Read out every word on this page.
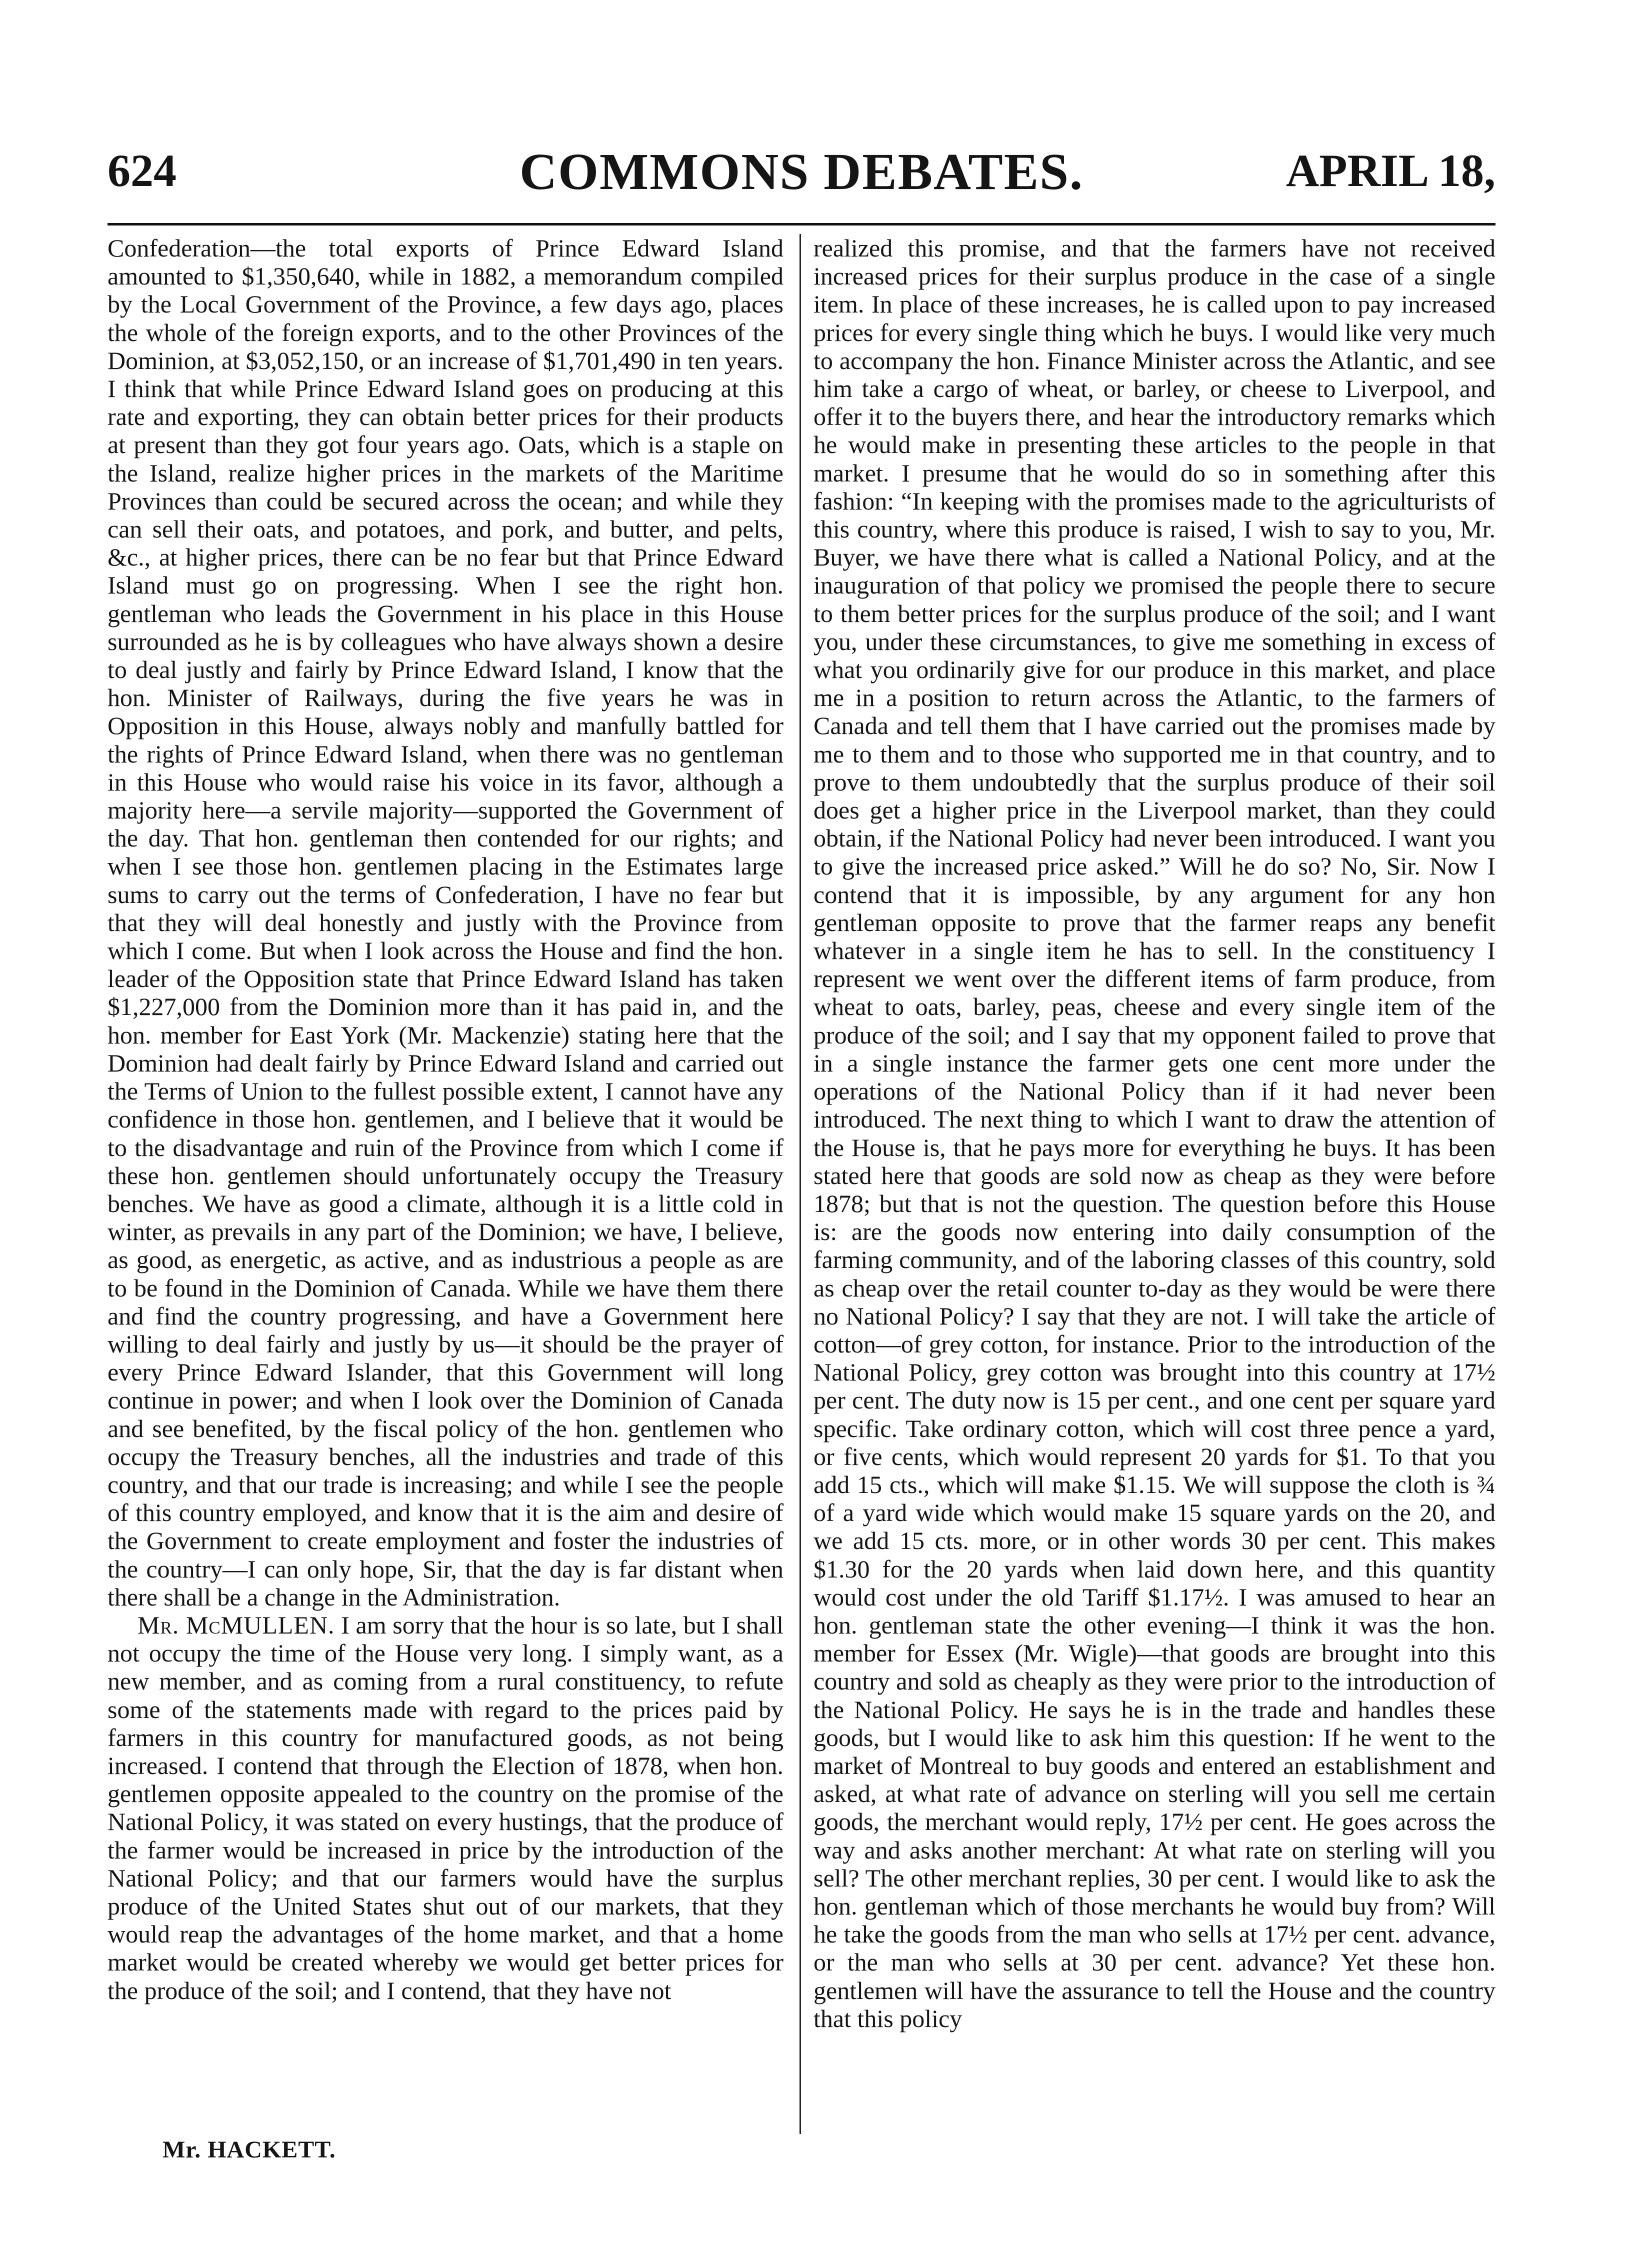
624	COMMONS DEBATES.	APRIL 18,

Confederation—the total exports of Prince Edward Island amounted to $1,350,640, while in 1882, a memorandum compiled by the Local Government of the Province, a few days ago, places the whole of the foreign exports, and to the other Provinces of the Dominion, at $3,052,150, or an increase of $1,701,490 in ten years. I think that while Prince Edward Island goes on producing at this rate and exporting, they can obtain better prices for their products at present than they got four years ago. Oats, which is a staple on the Island, realize higher prices in the markets of the Maritime Provinces than could be secured across the ocean; and while they can sell their oats, and potatoes, and pork, and butter, and pelts, &c., at higher prices, there can be no fear but that Prince Edward Island must go on progressing. When I see the right hon. gentleman who leads the Government in his place in this House surrounded as he is by colleagues who have always shown a desire to deal justly and fairly by Prince Edward Island, I know that the hon. Minister of Railways, during the five years he was in Opposition in this House, always nobly and manfully battled for the rights of Prince Edward Island, when there was no gentleman in this House who would raise his voice in its favor, although a majority here—a servile majority—supported the Government of the day. That hon. gentleman then contended for our rights; and when I see those hon. gentlemen placing in the Estimates large sums to carry out the terms of Confederation, I have no fear but that they will deal honestly and justly with the Province from which I come. But when I look across the House and find the hon. leader of the Opposition state that Prince Edward Island has taken $1,227,000 from the Dominion more than it has paid in, and the hon. member for East York (Mr. Mackenzie) stating here that the Dominion had dealt fairly by Prince Edward Island and carried out the Terms of Union to the fullest possible extent, I cannot have any confidence in those hon. gentlemen, and I believe that it would be to the disadvantage and ruin of the Province from which I come if these hon. gentlemen should unfortunately occupy the Treasury benches. We have as good a climate, although it is a little cold in winter, as prevails in any part of the Dominion; we have, I believe, as good, as energetic, as active, and as industrious a people as are to be found in the Dominion of Canada. While we have them there and find the country progressing, and have a Government here willing to deal fairly and justly by us—it should be the prayer of every Prince Edward Islander, that this Government will long continue in power; and when I look over the Dominion of Canada and see benefited, by the fiscal policy of the hon. gentlemen who occupy the Treasury benches, all the industries and trade of this country, and that our trade is increasing; and while I see the people of this country employed, and know that it is the aim and desire of the Government to create employment and foster the industries of the country—I can only hope, Sir, that the day is far distant when there shall be a change in the Administration.

Mr. McMULLEN. I am sorry that the hour is so late, but I shall not occupy the time of the House very long. I simply want, as a new member, and as coming from a rural constituency, to refute some of the statements made with regard to the prices paid by farmers in this country for manufactured goods, as not being increased. I contend that through the Election of 1878, when hon. gentlemen opposite appealed to the country on the promise of the National Policy, it was stated on every hustings, that the produce of the farmer would be increased in price by the introduction of the National Policy; and that our farmers would have the surplus produce of the United States shut out of our markets, that they would reap the advantages of the home market, and that a home market would be created whereby we would get better prices for the produce of the soil; and I contend, that they have not

realized this promise, and that the farmers have not received increased prices for their surplus produce in the case of a single item. In place of these increases, he is called upon to pay increased prices for every single thing which he buys. I would like very much to accompany the hon. Finance Minister across the Atlantic, and see him take a cargo of wheat, or barley, or cheese to Liverpool, and offer it to the buyers there, and hear the introductory remarks which he would make in presenting these articles to the people in that market. I presume that he would do so in something after this fashion: “In keeping with the promises made to the agriculturists of this country, where this produce is raised, I wish to say to you, Mr. Buyer, we have there what is called a National Policy, and at the inauguration of that policy we promised the people there to secure to them better prices for the surplus produce of the soil; and I want you, under these circumstances, to give me something in excess of what you ordinarily give for our produce in this market, and place me in a position to return across the Atlantic, to the farmers of Canada and tell them that I have carried out the promises made by me to them and to those who supported me in that country, and to prove to them undoubtedly that the surplus produce of their soil does get a higher price in the Liverpool market, than they could obtain, if the National Policy had never been introduced. I want you to give the increased price asked.” Will he do so? No, Sir. Now I contend that it is impossible, by any argument for any hon gentleman opposite to prove that the farmer reaps any benefit whatever in a single item he has to sell. In the constituency I represent we went over the different items of farm produce, from wheat to oats, barley, peas, cheese and every single item of the produce of the soil; and I say that my opponent failed to prove that in a single instance the farmer gets one cent more under the operations of the National Policy than if it had never been introduced. The next thing to which I want to draw the attention of the House is, that he pays more for everything he buys. It has been stated here that goods are sold now as cheap as they were before 1878; but that is not the question. The question before this House is: are the goods now entering into daily consumption of the farming community, and of the laboring classes of this country, sold as cheap over the retail counter to-day as they would be were there no National Policy? I say that they are not. I will take the article of cotton—of grey cotton, for instance. Prior to the introduction of the National Policy, grey cotton was brought into this country at 17½ per cent. The duty now is 15 per cent., and one cent per square yard specific. Take ordinary cotton, which will cost three pence a yard, or five cents, which would represent 20 yards for $1. To that you add 15 cts., which will make $1.15. We will suppose the cloth is ¾ of a yard wide which would make 15 square yards on the 20, and we add 15 cts. more, or in other words 30 per cent. This makes $1.30 for the 20 yards when laid down here, and this quantity would cost under the old Tariff $1.17½. I was amused to hear an hon. gentleman state the other evening—I think it was the hon. member for Essex (Mr. Wigle)—that goods are brought into this country and sold as cheaply as they were prior to the introduction of the National Policy. He says he is in the trade and handles these goods, but I would like to ask him this question: If he went to the market of Montreal to buy goods and entered an establishment and asked, at what rate of advance on sterling will you sell me certain goods, the merchant would reply, 17½ per cent. He goes across the way and asks another merchant: At what rate on sterling will you sell? The other merchant replies, 30 per cent. I would like to ask the hon. gentleman which of those merchants he would buy from? Will he take the goods from the man who sells at 17½ per cent. advance, or the man who sells at 30 per cent. advance? Yet these hon. gentlemen will have the assurance to tell the House and the country that this policy

Mr. HACKETT.
